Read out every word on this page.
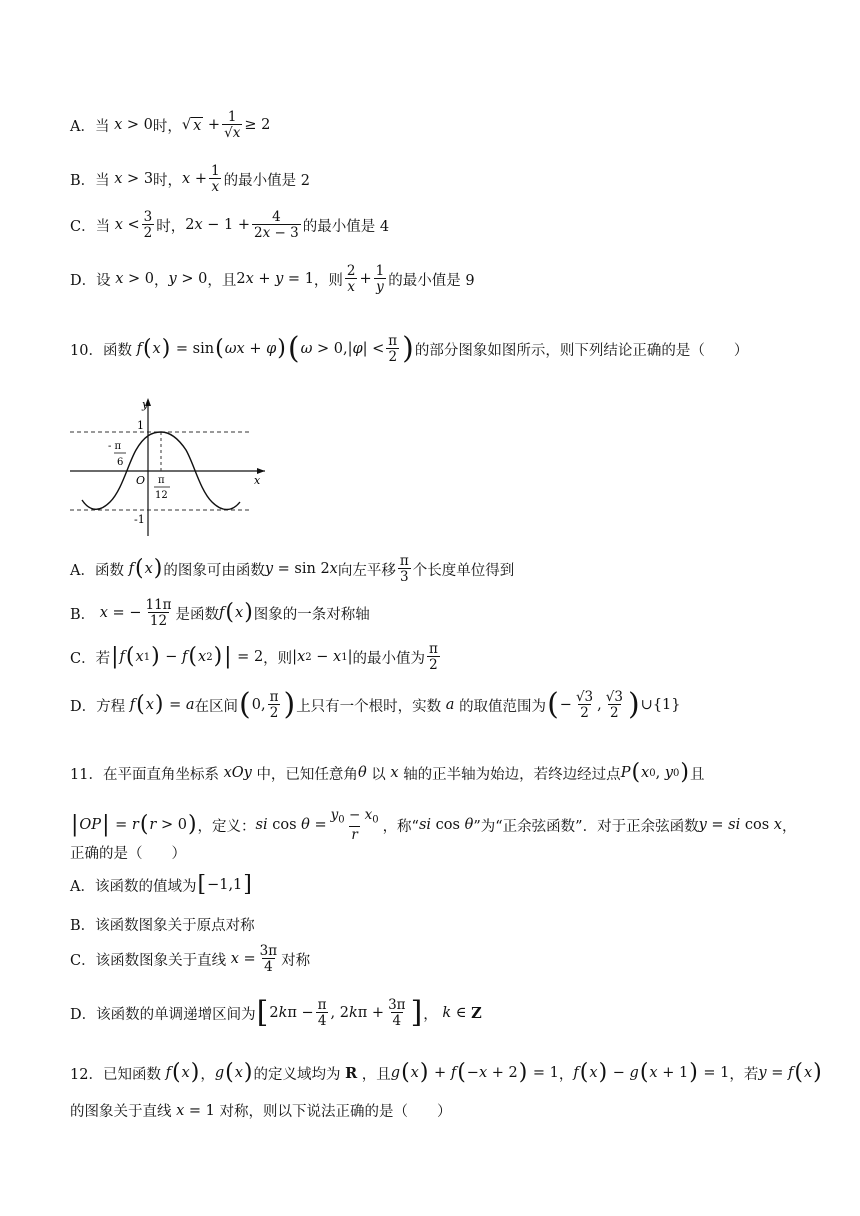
A．当 x > 0 时， √ $x + \frac{1}{√x} \ge 2$
B．当 x > 3 时， $x + \frac{1}{x}$ 的最小值是 2
C．当 $x < \frac{3}{2}$ 时， 2 $x - 1 + \frac{4}{2x - 3}$ 的最小值是 4
D．设 x > 0 ， y > 0 ，且 2 x + y = 1 ，则 $\frac{2}{x} + \frac{1}{y}$ 的最小值是 9
10．函数
f ( x ) = sin ( ωx + φ ) ( ω > 0,| φ | < $\frac{\pi}{2}$ ) 的部分图象如图所示，则下列结论正确的是（　　）
y
x
O
1
-1
- π
6
π
12
A．函数
f ( x ) 的图象可由函数 y = sin 2 x 向左平移 $\frac{\pi}{3}$ 个长度单位得到
B．
x = − $\frac{11\pi}{12}$ 是函数 f ( x ) 图象的一条对称轴
C．若 | f ( x 1 ) − f ( x 2 ) | = 2 ，则 | x 2 − x 1 | 的最小值为 $\frac{\pi}{2}$
D．方程
f ( x ) = a 在区间 ( 0, $\frac{\pi}{2}$ ) 上只有一个根时，实数
a
的取值范围为 ( − $\frac{√3}{2}$ , $\frac{√3}{2}$ ) ∪{1}
11．在平面直角坐标系
xOy
中，已知任意角 θ
以
x
轴的正半轴为始边，若终边经过点 P ( x 0 , y 0 ) 且
| OP | = r ( r > 0 ) ，定义： si $\cos \theta = \frac{y_0 - x_0}{r}$ ，称“ si cos θ ”为“正余弦函数”．对于正余弦函数 y = si cos x ，
正确的是（　　）
A．该函数的值域为 [ −1,1 ]
B．该函数图象关于原点对称
C．该函数图象关于直线
$x = \frac{3\pi}{4}$ 对称
D．该函数的单调递增区间为 [ 2 k $\pi - \frac{\pi}{4}$ , 2 k $\pi + \frac{3\pi}{4}$ ] ，
k ∈ Z
12．已知函数
f ( x ) ， g ( x ) 的定义域均为
R
，且 g ( x ) + f ( − x + 2 ) = 1 ， f ( x ) − g ( x + 1 ) = 1 ，若 y = f ( x )
的图象关于直线
x = 1 对称，则以下说法正确的是（　　）
